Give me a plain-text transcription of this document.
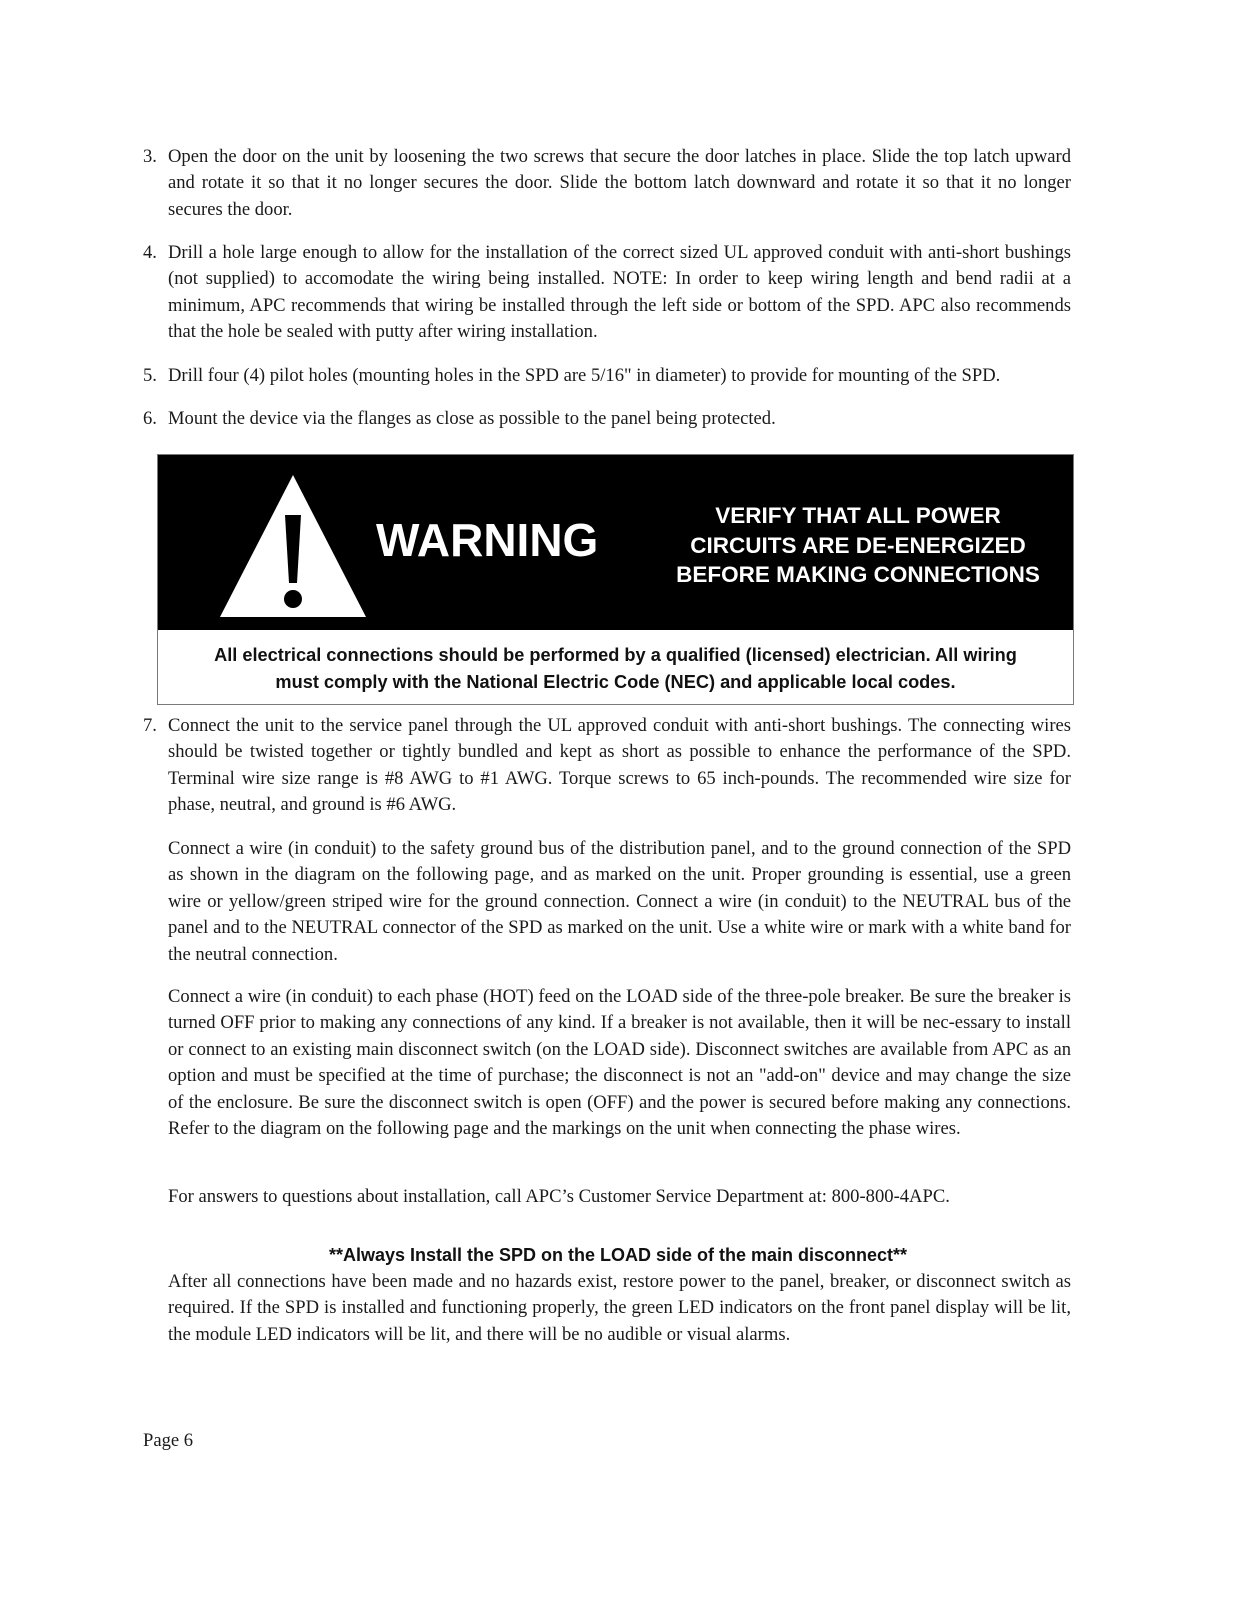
3. Open the door on the unit by loosening the two screws that secure the door latches in place. Slide the top latch upward and rotate it so that it no longer secures the door. Slide the bottom latch downward and rotate it so that it no longer secures the door.
4. Drill a hole large enough to allow for the installation of the correct sized UL approved conduit with anti-short bushings (not supplied) to accomodate the wiring being installed. NOTE: In order to keep wiring length and bend radii at a minimum, APC recommends that wiring be installed through the left side or bottom of the SPD. APC also recommends that the hole be sealed with putty after wiring installation.
5. Drill four (4) pilot holes (mounting holes in the SPD are 5/16" in diameter) to provide for mounting of the SPD.
6. Mount the device via the flanges as close as possible to the panel being protected.
WARNING	VERIFY THAT ALL POWER
CIRCUITS ARE DE-ENERGIZED
BEFORE MAKING CONNECTIONS
All electrical connections should be performed by a qualified (licensed) electrician. All wiring
must comply with the National Electric Code (NEC) and applicable local codes.
7. Connect the unit to the service panel through the UL approved conduit with anti-short bushings. The connecting wires should be twisted together or tightly bundled and kept as short as possible to enhance the performance of the SPD. Terminal wire size range is #8 AWG to #1 AWG. Torque screws to 65 inch-pounds. The recommended wire size for phase, neutral, and ground is #6 AWG.

Connect a wire (in conduit) to the safety ground bus of the distribution panel, and to the ground connection of the SPD as shown in the diagram on the following page, and as marked on the unit. Proper grounding is essential, use a green wire or yellow/green striped wire for the ground connection. Connect a wire (in conduit) to the NEUTRAL bus of the panel and to the NEUTRAL connector of the SPD as marked on the unit. Use a white wire or mark with a white band for the neutral connection.

Connect a wire (in conduit) to each phase (HOT) feed on the LOAD side of the three-pole breaker. Be sure the breaker is turned OFF prior to making any connections of any kind. If a breaker is not available, then it will be nec-essary to install or connect to an existing main disconnect switch (on the LOAD side). Disconnect switches are available from APC as an option and must be specified at the time of purchase; the disconnect is not an "add-on" device and may change the size of the enclosure. Be sure the disconnect switch is open (OFF) and the power is secured before making any connections. Refer to the diagram on the following page and the markings on the unit when connecting the phase wires.

For answers to questions about installation, call APC’s Customer Service Department at: 800-800-4APC.

**Always Install the SPD on the LOAD side of the main disconnect**

After all connections have been made and no hazards exist, restore power to the panel, breaker, or disconnect switch as required. If the SPD is installed and functioning properly, the green LED indicators on the front panel display will be lit, the module LED indicators will be lit, and there will be no audible or visual alarms.

Page 6
